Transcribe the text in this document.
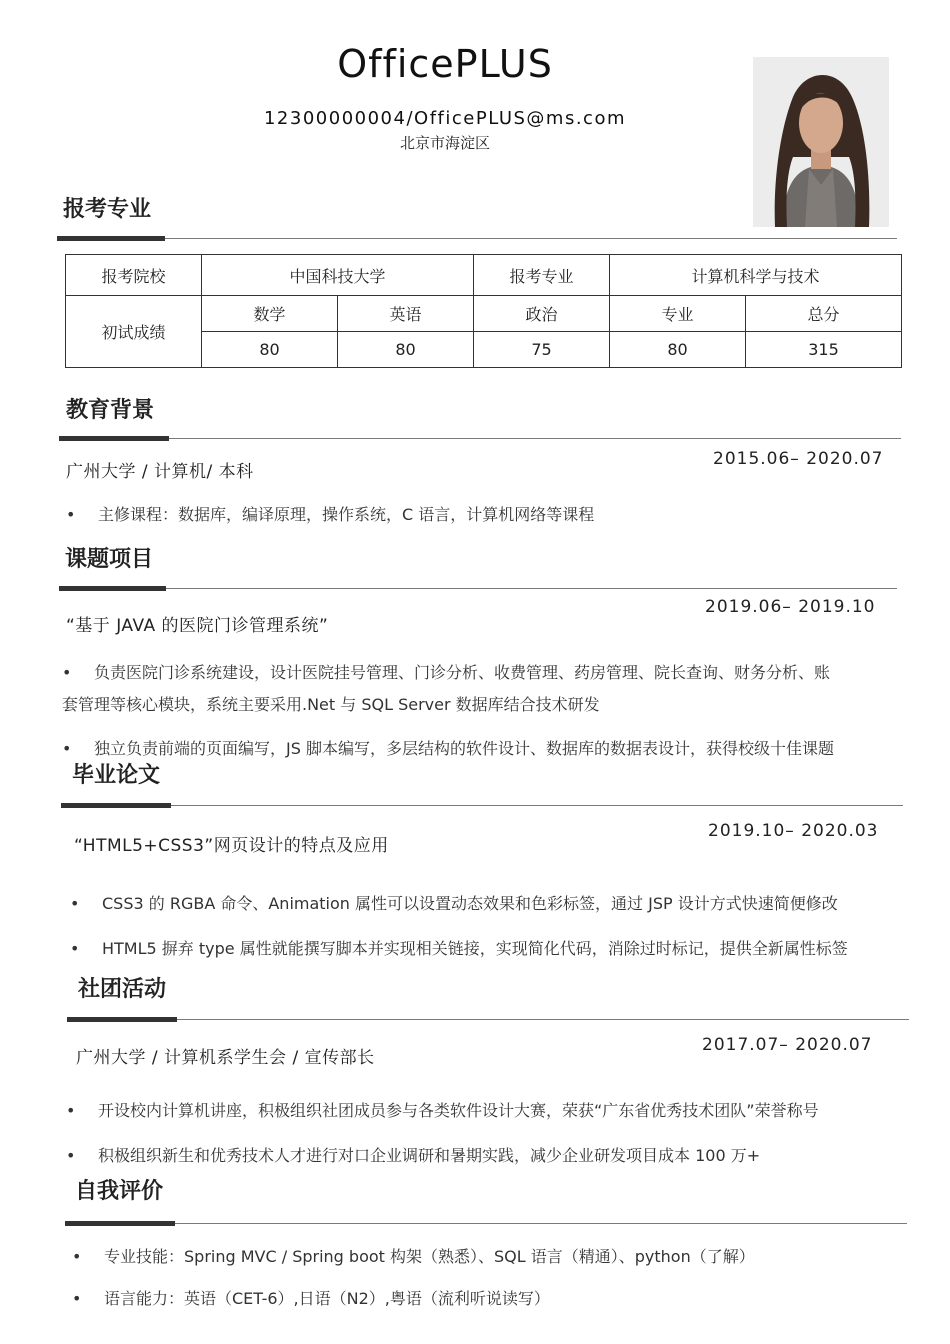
OfficePLUS
12300000004/OfficePLUS@ms.com
北京市海淀区
报考专业
报考院校	中国科技大学		报考专业	计算机科学与技术	
初试成绩	数学	英语	政治	专业	总分
	80	80	75	80	315
教育背景
广州大学 / 计算机/ 本科
2015.06– 2020.07
• 主修课程：数据库，编译原理，操作系统，C 语言，计算机网络等课程
课题项目
“基于 JAVA 的医院门诊管理系统”
2019.06– 2019.10
• 负责医院门诊系统建设，设计医院挂号管理、门诊分析、收费管理、药房管理、院长查询、财务分析、账
套管理等核心模块，系统主要采用.Net 与 SQL Server 数据库结合技术研发
• 独立负责前端的页面编写，JS 脚本编写，多层结构的软件设计、数据库的数据表设计，获得校级十佳课题
毕业论文
“HTML5+CSS3”网页设计的特点及应用
2019.10– 2020.03
• CSS3 的 RGBA 命令、Animation 属性可以设置动态效果和色彩标签，通过 JSP 设计方式快速简便修改
• HTML5 摒弃 type 属性就能撰写脚本并实现相关链接，实现简化代码，消除过时标记，提供全新属性标签
社团活动
广州大学 / 计算机系学生会 / 宣传部长
2017.07– 2020.07
• 开设校内计算机讲座，积极组织社团成员参与各类软件设计大赛，荣获“广东省优秀技术团队”荣誉称号
• 积极组织新生和优秀技术人才进行对口企业调研和暑期实践，减少企业研发项目成本 100 万+
自我评价
• 专业技能：Spring MVC / Spring boot 构架（熟悉）、SQL 语言（精通）、python（了解）
• 语言能力：英语（CET-6）,日语（N2）,粤语（流利听说读写）
